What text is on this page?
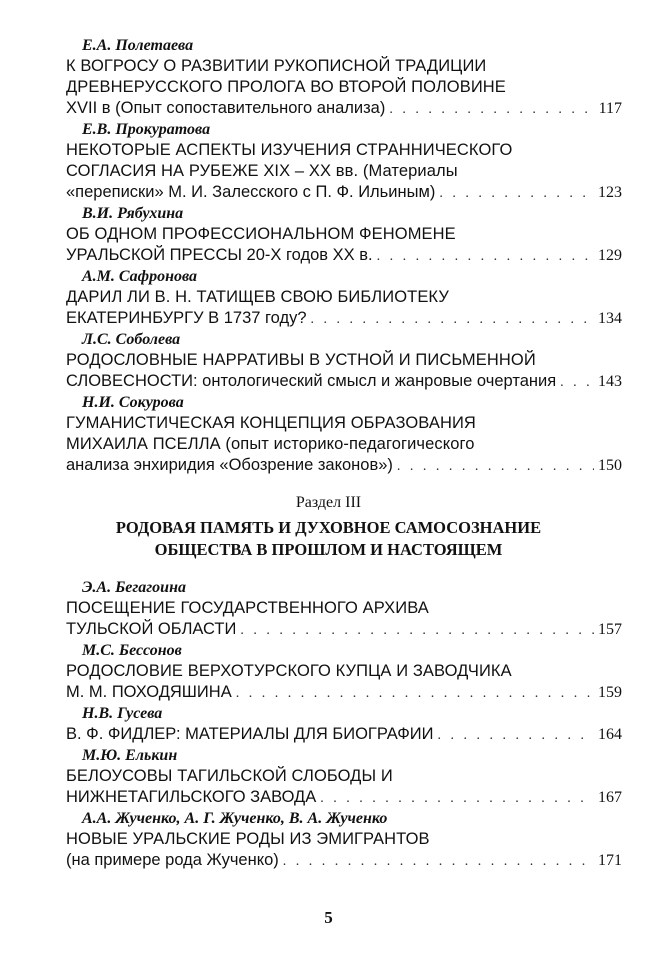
Е.А. Полетаева
К ВОГРОСУ О РАЗВИТИИ РУКОПИСНОЙ ТРАДИЦИИ
ДРЕВНЕРУССКОГО ПРОЛОГА ВО ВТОРОЙ ПОЛОВИНЕ
XVII в (Опыт сопоставительного анализа) . . .	117
Е.В. Прокуратова
НЕКОТОРЫЕ АСПЕКТЫ ИЗУЧЕНИЯ СТРАННИЧЕСКОГО
СОГЛАСИЯ НА РУБЕЖЕ XIX – XX вв. (Материалы
«переписки» М. И. Залесского с П. Ф. Ильиным) . . .	123
В.И. Рябухина
ОБ ОДНОМ ПРОФЕССИОНАЛЬНОМ ФЕНОМЕНЕ
УРАЛЬСКОЙ ПРЕССЫ 20-Х годов XX в. . . .	129
А.М. Сафронова
ДАРИЛ ЛИ В. Н. ТАТИЩЕВ СВОЮ БИБЛИОТЕКУ
ЕКАТЕРИНБУРГУ В 1737 году? . . .	134
Л.С. Соболева
РОДОСЛОВНЫЕ НАРРАТИВЫ В УСТНОЙ И ПИСЬМЕННОЙ
СЛОВЕСНОСТИ: онтологический смысл и жанровые очертания . . .	143
Н.И. Сокурова
ГУМАНИСТИЧЕСКАЯ КОНЦЕПЦИЯ ОБРАЗОВАНИЯ
МИХАИЛА ПСЕЛЛА (опыт историко-педагогического
анализа энхиридия «Обозрение законов») . . .	150
Раздел III
РОДОВАЯ ПАМЯТЬ И ДУХОВНОЕ САМОСОЗНАНИЕ
ОБЩЕСТВА В ПРОШЛОМ И НАСТОЯЩЕМ
Э.А. Бегагоина
ПОСЕЩЕНИЕ ГОСУДАРСТВЕННОГО АРХИВА
ТУЛЬСКОЙ ОБЛАСТИ . . .	157
М.С. Бессонов
РОДОСЛОВИЕ ВЕРХОТУРСКОГО КУПЦА И ЗАВОДЧИКА
М. М. ПОХОДЯШИНА . . .	159
Н.В. Гусева
В. Ф. ФИДЛЕР: МАТЕРИАЛЫ ДЛЯ БИОГРАФИИ . . .	164
М.Ю. Елькин
БЕЛОУСОВЫ ТАГИЛЬСКОЙ СЛОБОДЫ И
НИЖНЕТАГИЛЬСКОГО ЗАВОДА . . .	167
А.А. Жученко, А. Г. Жученко, В. А. Жученко
НОВЫЕ УРАЛЬСКИЕ РОДЫ ИЗ ЭМИГРАНТОВ
(на примере рода Жученко) . . .	171
5
